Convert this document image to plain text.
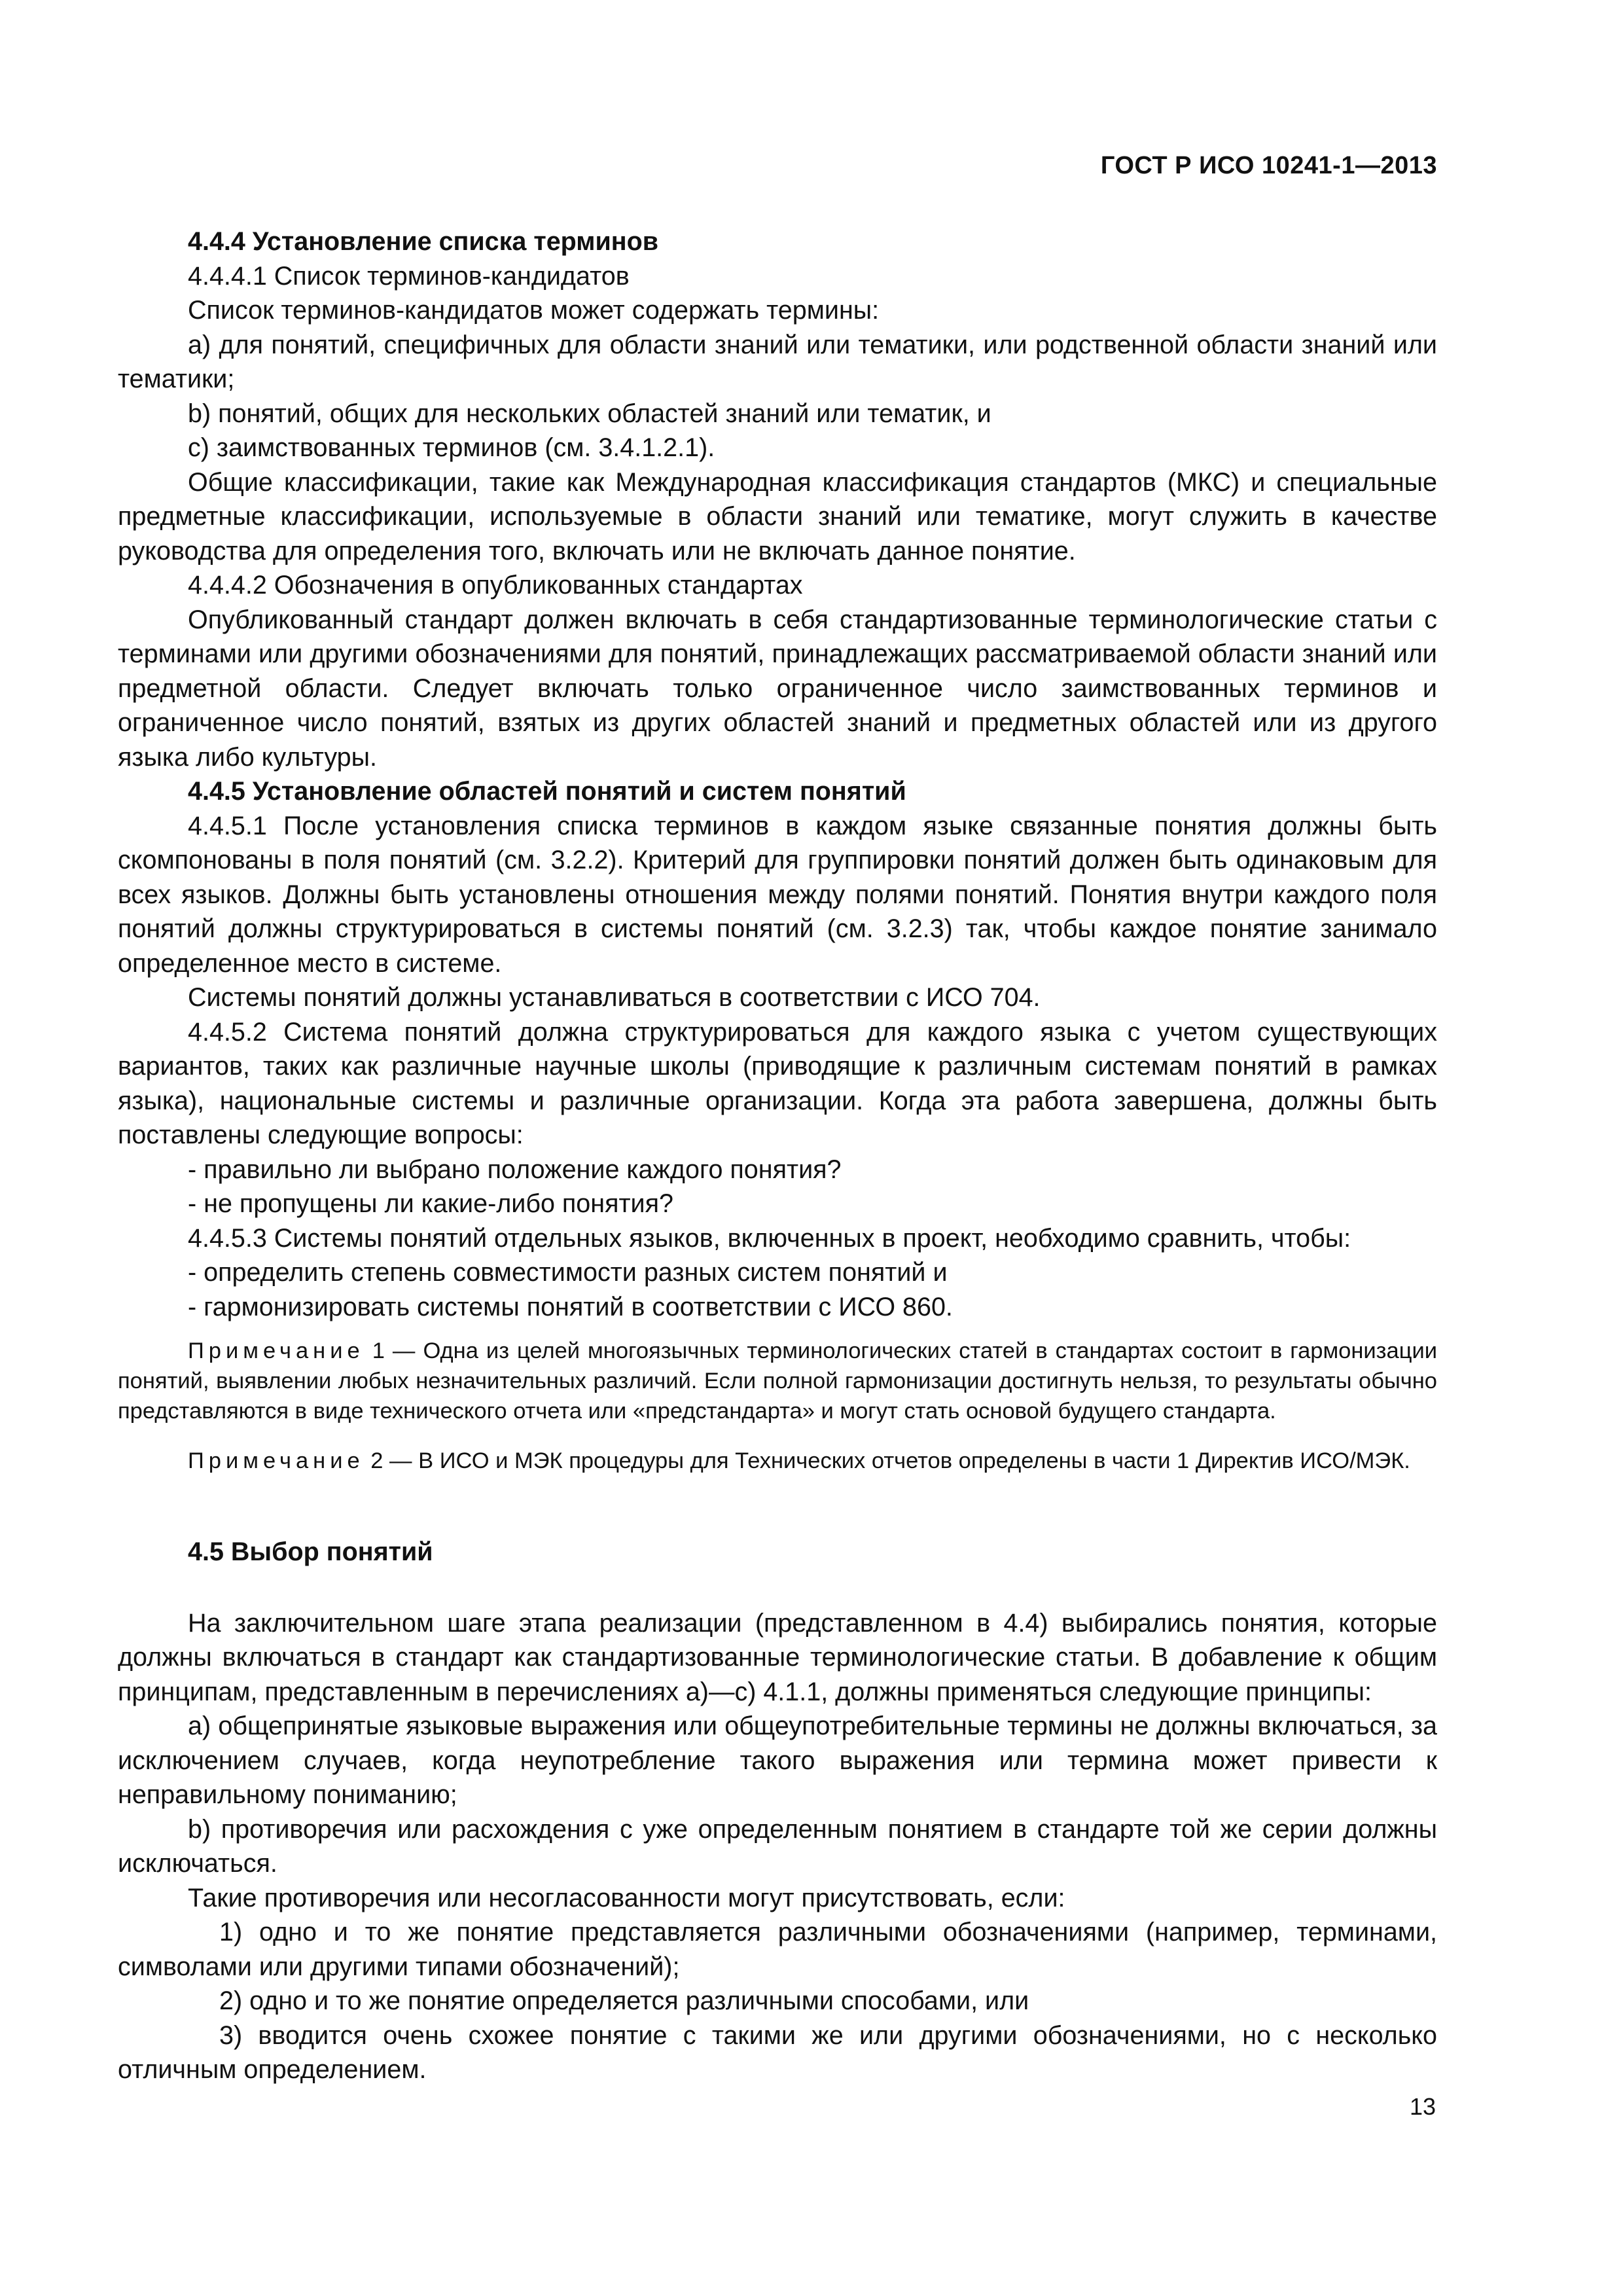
ГОСТ Р ИСО 10241-1—2013

4.4.4 Установление списка терминов

4.4.4.1 Список терминов-кандидатов

Список терминов-кандидатов может содержать термины:

а) для понятий, специфичных для области знаний или тематики, или родственной области знаний или тематики;

b) понятий, общих для нескольких областей знаний или тематик, и

с) заимствованных терминов (см. 3.4.1.2.1).

Общие классификации, такие как Международная классификация стандартов (МКС) и специальные предметные классификации, используемые в области знаний или тематике, могут служить в качестве руководства для определения того, включать или не включать данное понятие.

4.4.4.2 Обозначения в опубликованных стандартах

Опубликованный стандарт должен включать в себя стандартизованные терминологические статьи с терминами или другими обозначениями для понятий, принадлежащих рассматриваемой области знаний или предметной области. Следует включать только ограниченное число заимствованных терминов и ограниченное число понятий, взятых из других областей знаний и предметных областей или из другого языка либо культуры.

4.4.5 Установление областей понятий и систем понятий

4.4.5.1 После установления списка терминов в каждом языке связанные понятия должны быть скомпонованы в поля понятий (см. 3.2.2). Критерий для группировки понятий должен быть одинаковым для всех языков. Должны быть установлены отношения между полями понятий. Понятия внутри каждого поля понятий должны структурироваться в системы понятий (см. 3.2.3) так, чтобы каждое понятие занимало определенное место в системе.

Системы понятий должны устанавливаться в соответствии с ИСО 704.

4.4.5.2 Система понятий должна структурироваться для каждого языка с учетом существующих вариантов, таких как различные научные школы (приводящие к различным системам понятий в рамках языка), национальные системы и различные организации. Когда эта работа завершена, должны быть поставлены следующие вопросы:

- правильно ли выбрано положение каждого понятия?

- не пропущены ли какие-либо понятия?

4.4.5.3 Системы понятий отдельных языков, включенных в проект, необходимо сравнить, чтобы:

- определить степень совместимости разных систем понятий и

- гармонизировать системы понятий в соответствии с ИСО 860.

Примечание 1 — Одна из целей многоязычных терминологических статей в стандартах состоит в гармонизации понятий, выявлении любых незначительных различий. Если полной гармонизации достигнуть нельзя, то результаты обычно представляются в виде технического отчета или «предстандарта» и могут стать основой будущего стандарта.

Примечание 2 — В ИСО и МЭК процедуры для Технических отчетов определены в части 1 Директив ИСО/МЭК.

4.5 Выбор понятий

На заключительном шаге этапа реализации (представленном в 4.4) выбирались понятия, которые должны включаться в стандарт как стандартизованные терминологические статьи. В добавление к общим принципам, представленным в перечислениях а)—с) 4.1.1, должны применяться следующие принципы:

а) общепринятые языковые выражения или общеупотребительные термины не должны включаться, за исключением случаев, когда неупотребление такого выражения или термина может привести к неправильному пониманию;

b) противоречия или расхождения с уже определенным понятием в стандарте той же серии должны исключаться.

Такие противоречия или несогласованности могут присутствовать, если:

1) одно и то же понятие представляется различными обозначениями (например, терминами, символами или другими типами обозначений);

2) одно и то же понятие определяется различными способами, или

3) вводится очень схожее понятие с такими же или другими обозначениями, но с несколько отличным определением.

13
